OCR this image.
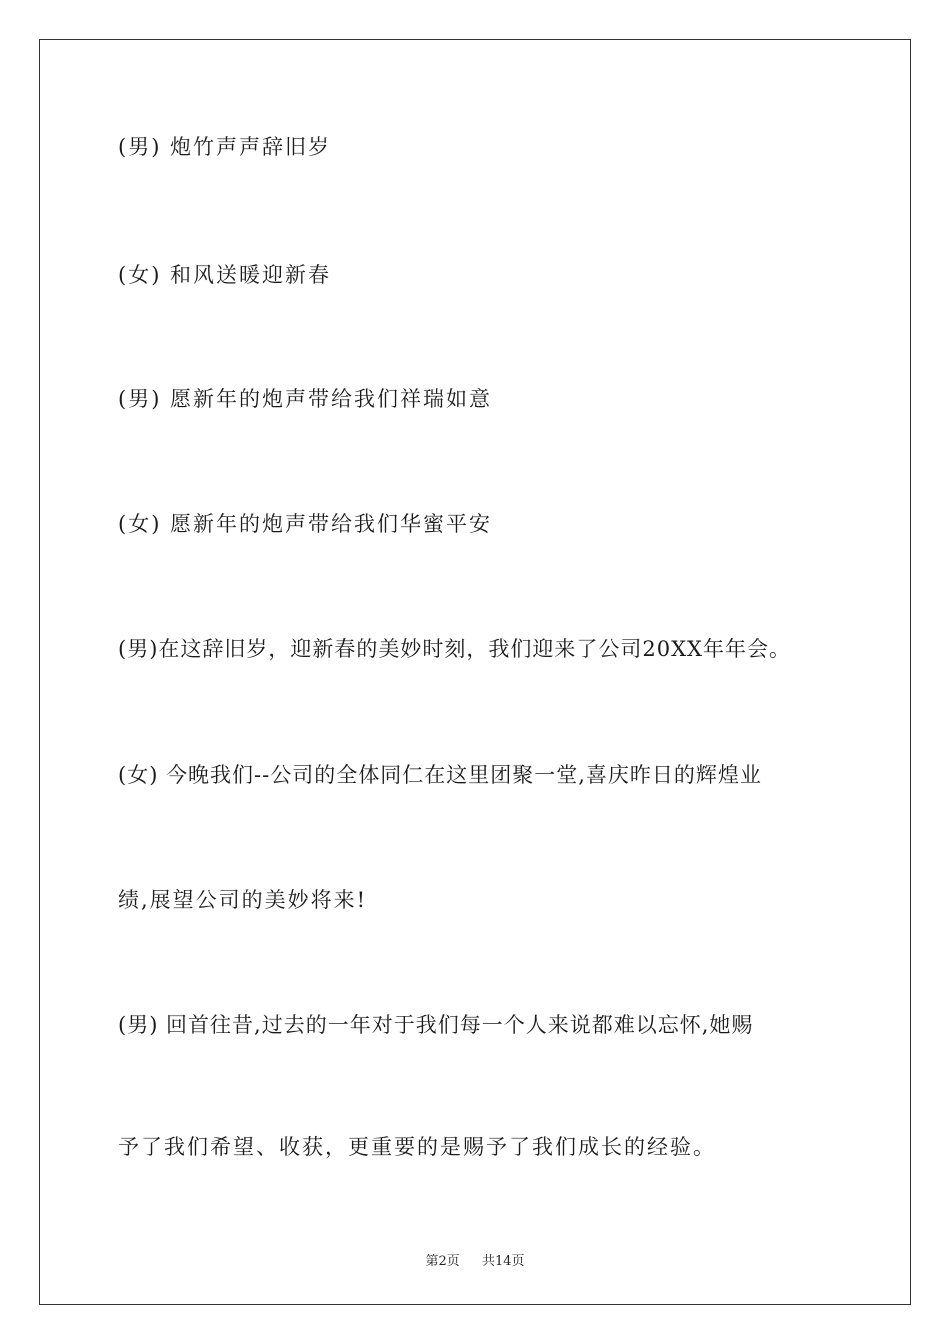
(男) 炮竹声声辞旧岁
(女) 和风送暖迎新春
(男) 愿新年的炮声带给我们祥瑞如意
(女) 愿新年的炮声带给我们华蜜平安
(男)在这辞旧岁，迎新春的美妙时刻，我们迎来了公司20XX年年会。
(女) 今晚我们--公司的全体同仁在这里团聚一堂,喜庆昨日的辉煌业
绩,展望公司的美妙将来!
(男) 回首往昔,过去的一年对于我们每一个人来说都难以忘怀,她赐
予了我们希望、收获，更重要的是赐予了我们成长的经验。
第2页 共14页
